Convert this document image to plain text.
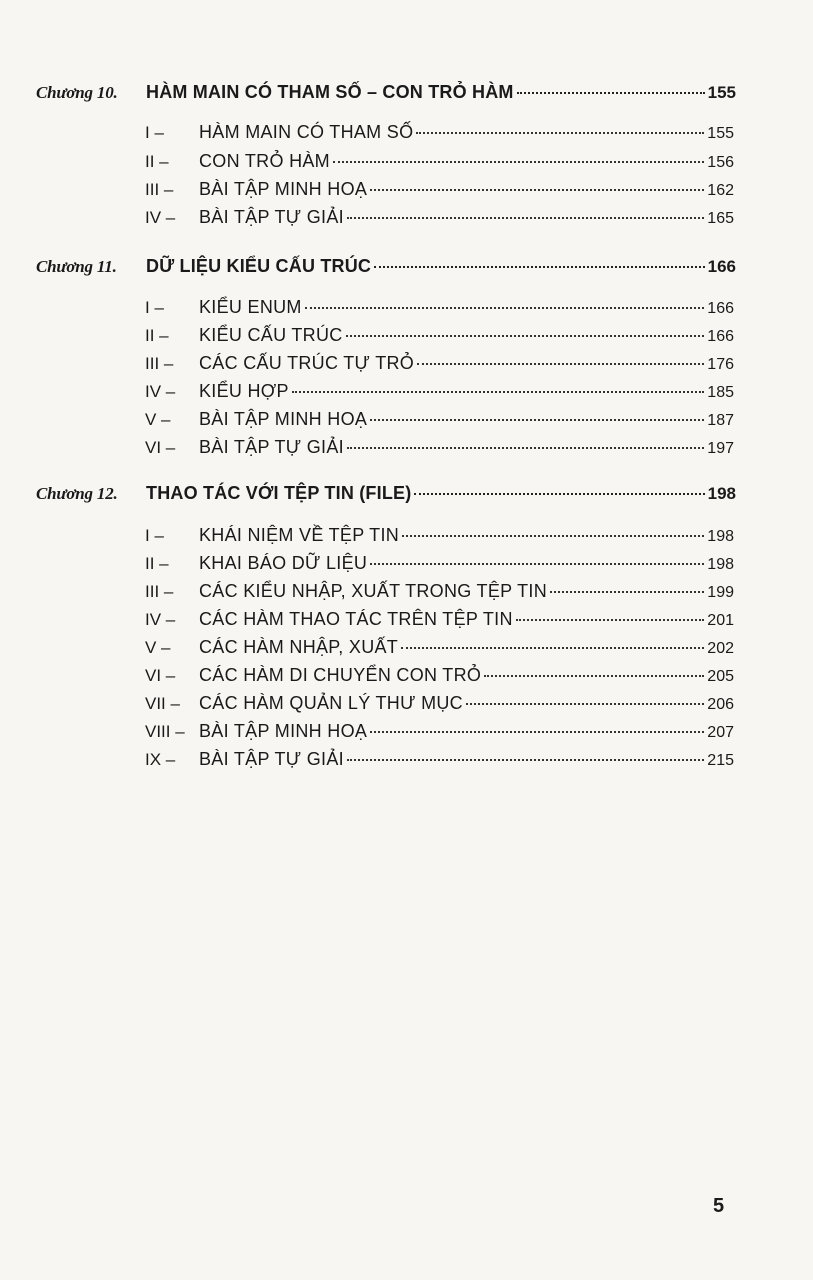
Chương 10.	HÀM MAIN CÓ THAM SỐ – CON TRỎ HÀM	155
I –	HÀM MAIN CÓ THAM SỐ	155
II –	CON TRỎ HÀM	156
III –	BÀI TẬP MINH HOẠ	162
IV –	BÀI TẬP TỰ GIẢI	165
Chương 11.	DỮ LIỆU KIỂU CẤU TRÚC	166
I –	KIỂU ENUM	166
II –	KIỂU CẤU TRÚC	166
III –	CÁC CẤU TRÚC TỰ TRỎ	176
IV –	KIỂU HỢP	185
V –	BÀI TẬP MINH HOẠ	187
VI –	BÀI TẬP TỰ GIẢI	197
Chương 12.	THAO TÁC VỚI TỆP TIN (FILE)	198
I –	KHÁI NIỆM VỀ TỆP TIN	198
II –	KHAI BÁO DỮ LIỆU	198
III –	CÁC KIỂU NHẬP, XUẤT TRONG TỆP TIN	199
IV –	CÁC HÀM THAO TÁC TRÊN TỆP TIN	201
V –	CÁC HÀM NHẬP, XUẤT	202
VI –	CÁC HÀM DI CHUYỂN CON TRỎ	205
VII –	CÁC HÀM QUẢN LÝ THƯ MỤC	206
VIII – BÀI TẬP MINH HOẠ	207
IX –	BÀI TẬP TỰ GIẢI	215
5
